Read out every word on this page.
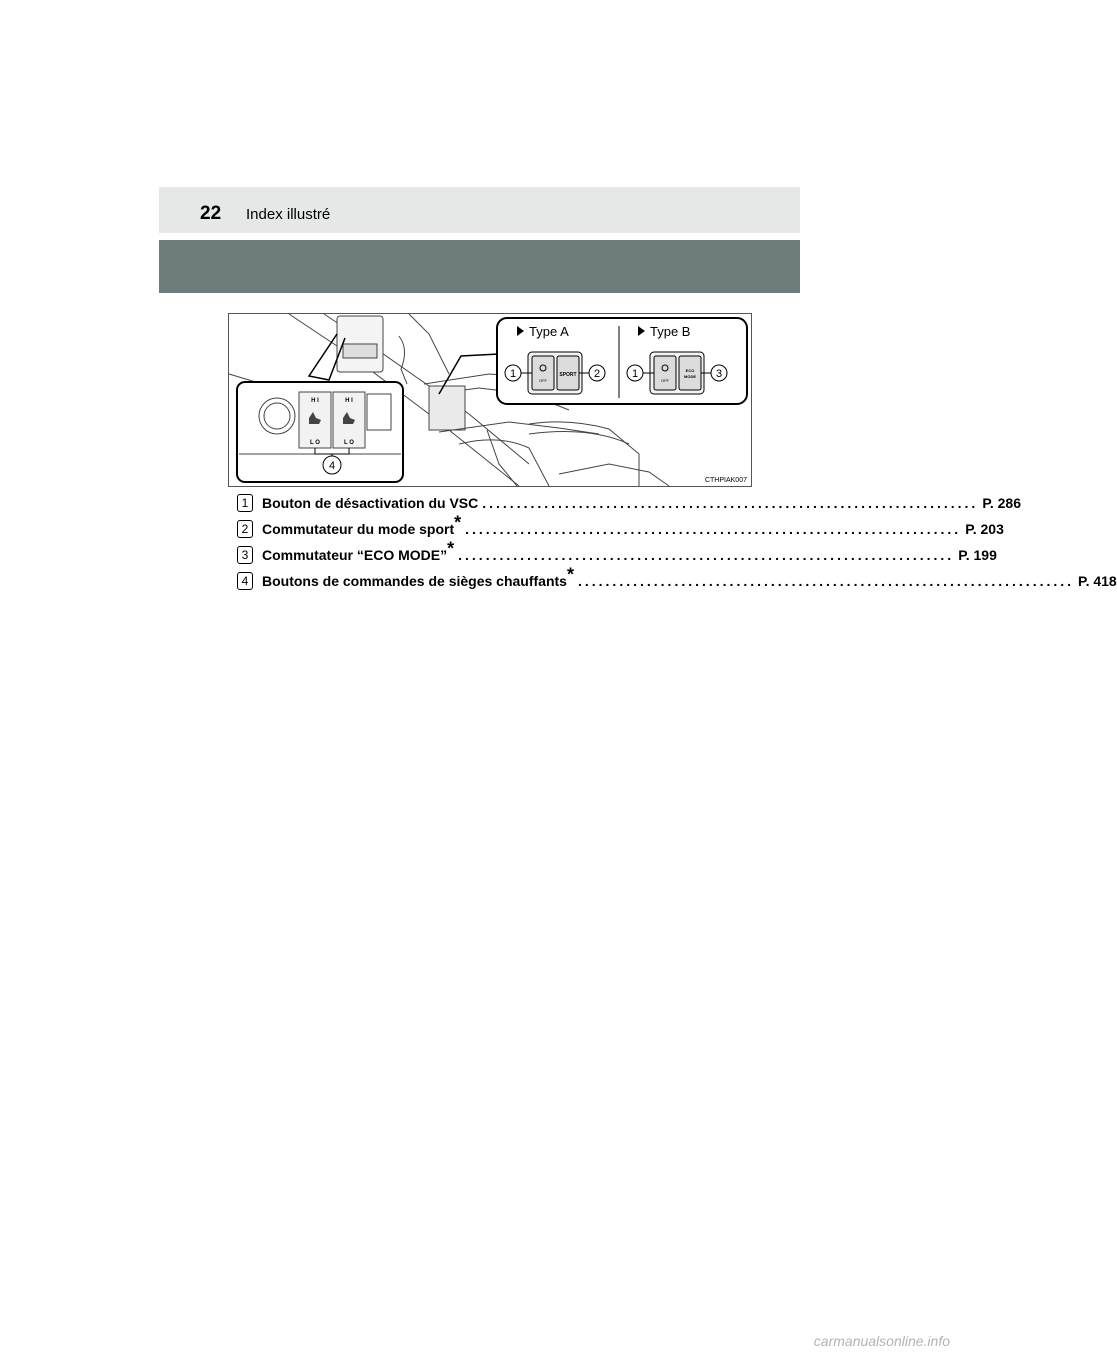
22 Index illustré
H I
L O
H I
L O
4
Type A	Type B
OFF
SPORT
1	2
OFF
ECO
MODE
1	3
CTHPIAK007
1 Bouton de désactivation du VSC ........................................................................ P. 286
2 Commutateur du mode sport* ........................................................................ P. 203
3 Commutateur “ECO MODE”* ........................................................................ P. 199
4 Boutons de commandes de sièges chauffants* ........................................................................ P. 418
carmanualsonline.info
